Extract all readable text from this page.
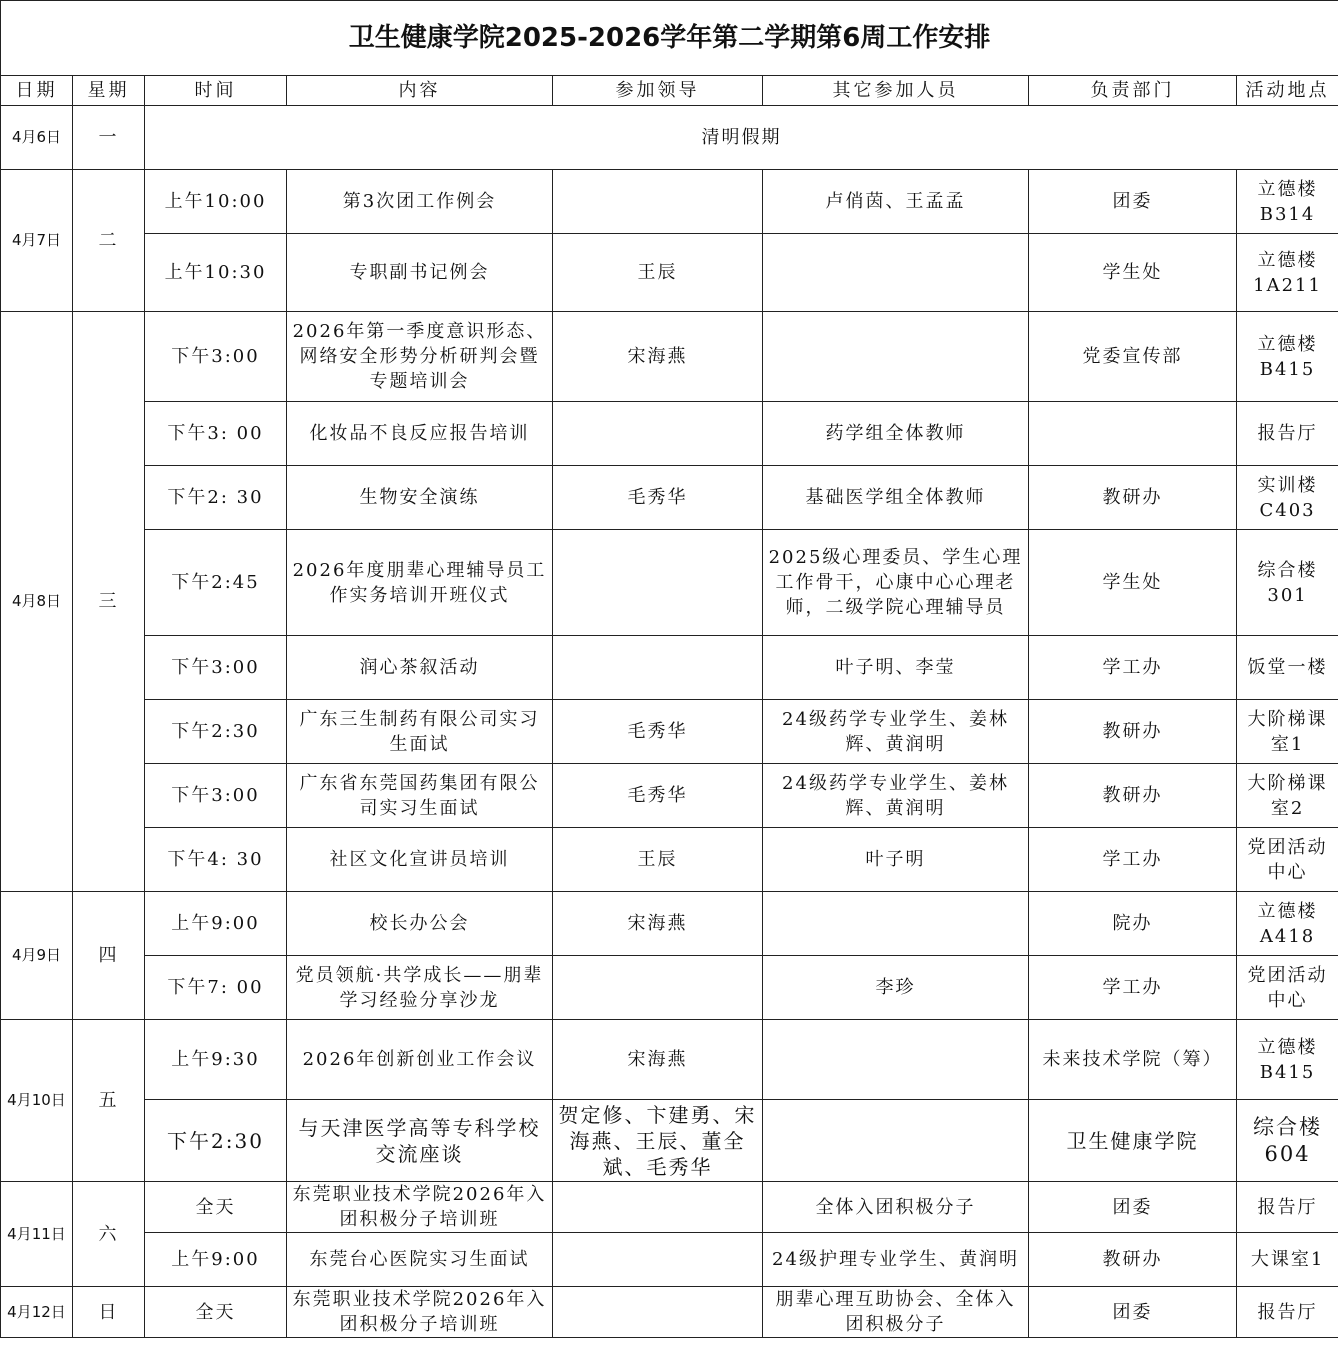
卫生健康学院2025-2026学年第二学期第6周工作安排							
日期	星期	时间	内容	参加领导	其它参加人员	负责部门	活动地点
4月6日	一	清明假期					
4月7日	二	上午10:00	第3次团工作例会		卢俏茵、王孟孟	团委	立德楼B314
		上午10:30	专职副书记例会	王辰		学生处	立德楼1A211
4月8日	三	下午3:00	2026年第一季度意识形态、网络安全形势分析研判会暨专题培训会	宋海燕		党委宣传部	立德楼B415
		下午3: 00	化妆品不良反应报告培训		药学组全体教师		报告厅
		下午2: 30	生物安全演练	毛秀华	基础医学组全体教师	教研办	实训楼C403
		下午2:45	2026年度朋辈心理辅导员工作实务培训开班仪式		2025级心理委员、学生心理工作骨干，心康中心心理老师，二级学院心理辅导员	学生处	综合楼301
		下午3:00	润心茶叙活动		叶子明、李莹	学工办	饭堂一楼
		下午2:30	广东三生制药有限公司实习生面试	毛秀华	24级药学专业学生、姜林辉、黄润明	教研办	大阶梯课室1
		下午3:00	广东省东莞国药集团有限公司实习生面试	毛秀华	24级药学专业学生、姜林辉、黄润明	教研办	大阶梯课室2
		下午4: 30	社区文化宣讲员培训	王辰	叶子明	学工办	党团活动中心
4月9日	四	上午9:00	校长办公会	宋海燕		院办	立德楼A418
		下午7: 00	党员领航·共学成长——朋辈学习经验分享沙龙		李珍	学工办	党团活动中心
4月10日	五	上午9:30	2026年创新创业工作会议	宋海燕		未来技术学院（筹）	立德楼B415
		下午2:30	与天津医学高等专科学校交流座谈	贺定修、卞建勇、宋海燕、王辰、董全斌、毛秀华		卫生健康学院	综合楼604
4月11日	六	全天	东莞职业技术学院2026年入团积极分子培训班		全体入团积极分子	团委	报告厅
		上午9:00	东莞台心医院实习生面试		24级护理专业学生、黄润明	教研办	大课室1
4月12日	日	全天	东莞职业技术学院2026年入团积极分子培训班		朋辈心理互助协会、全体入团积极分子	团委	报告厅
